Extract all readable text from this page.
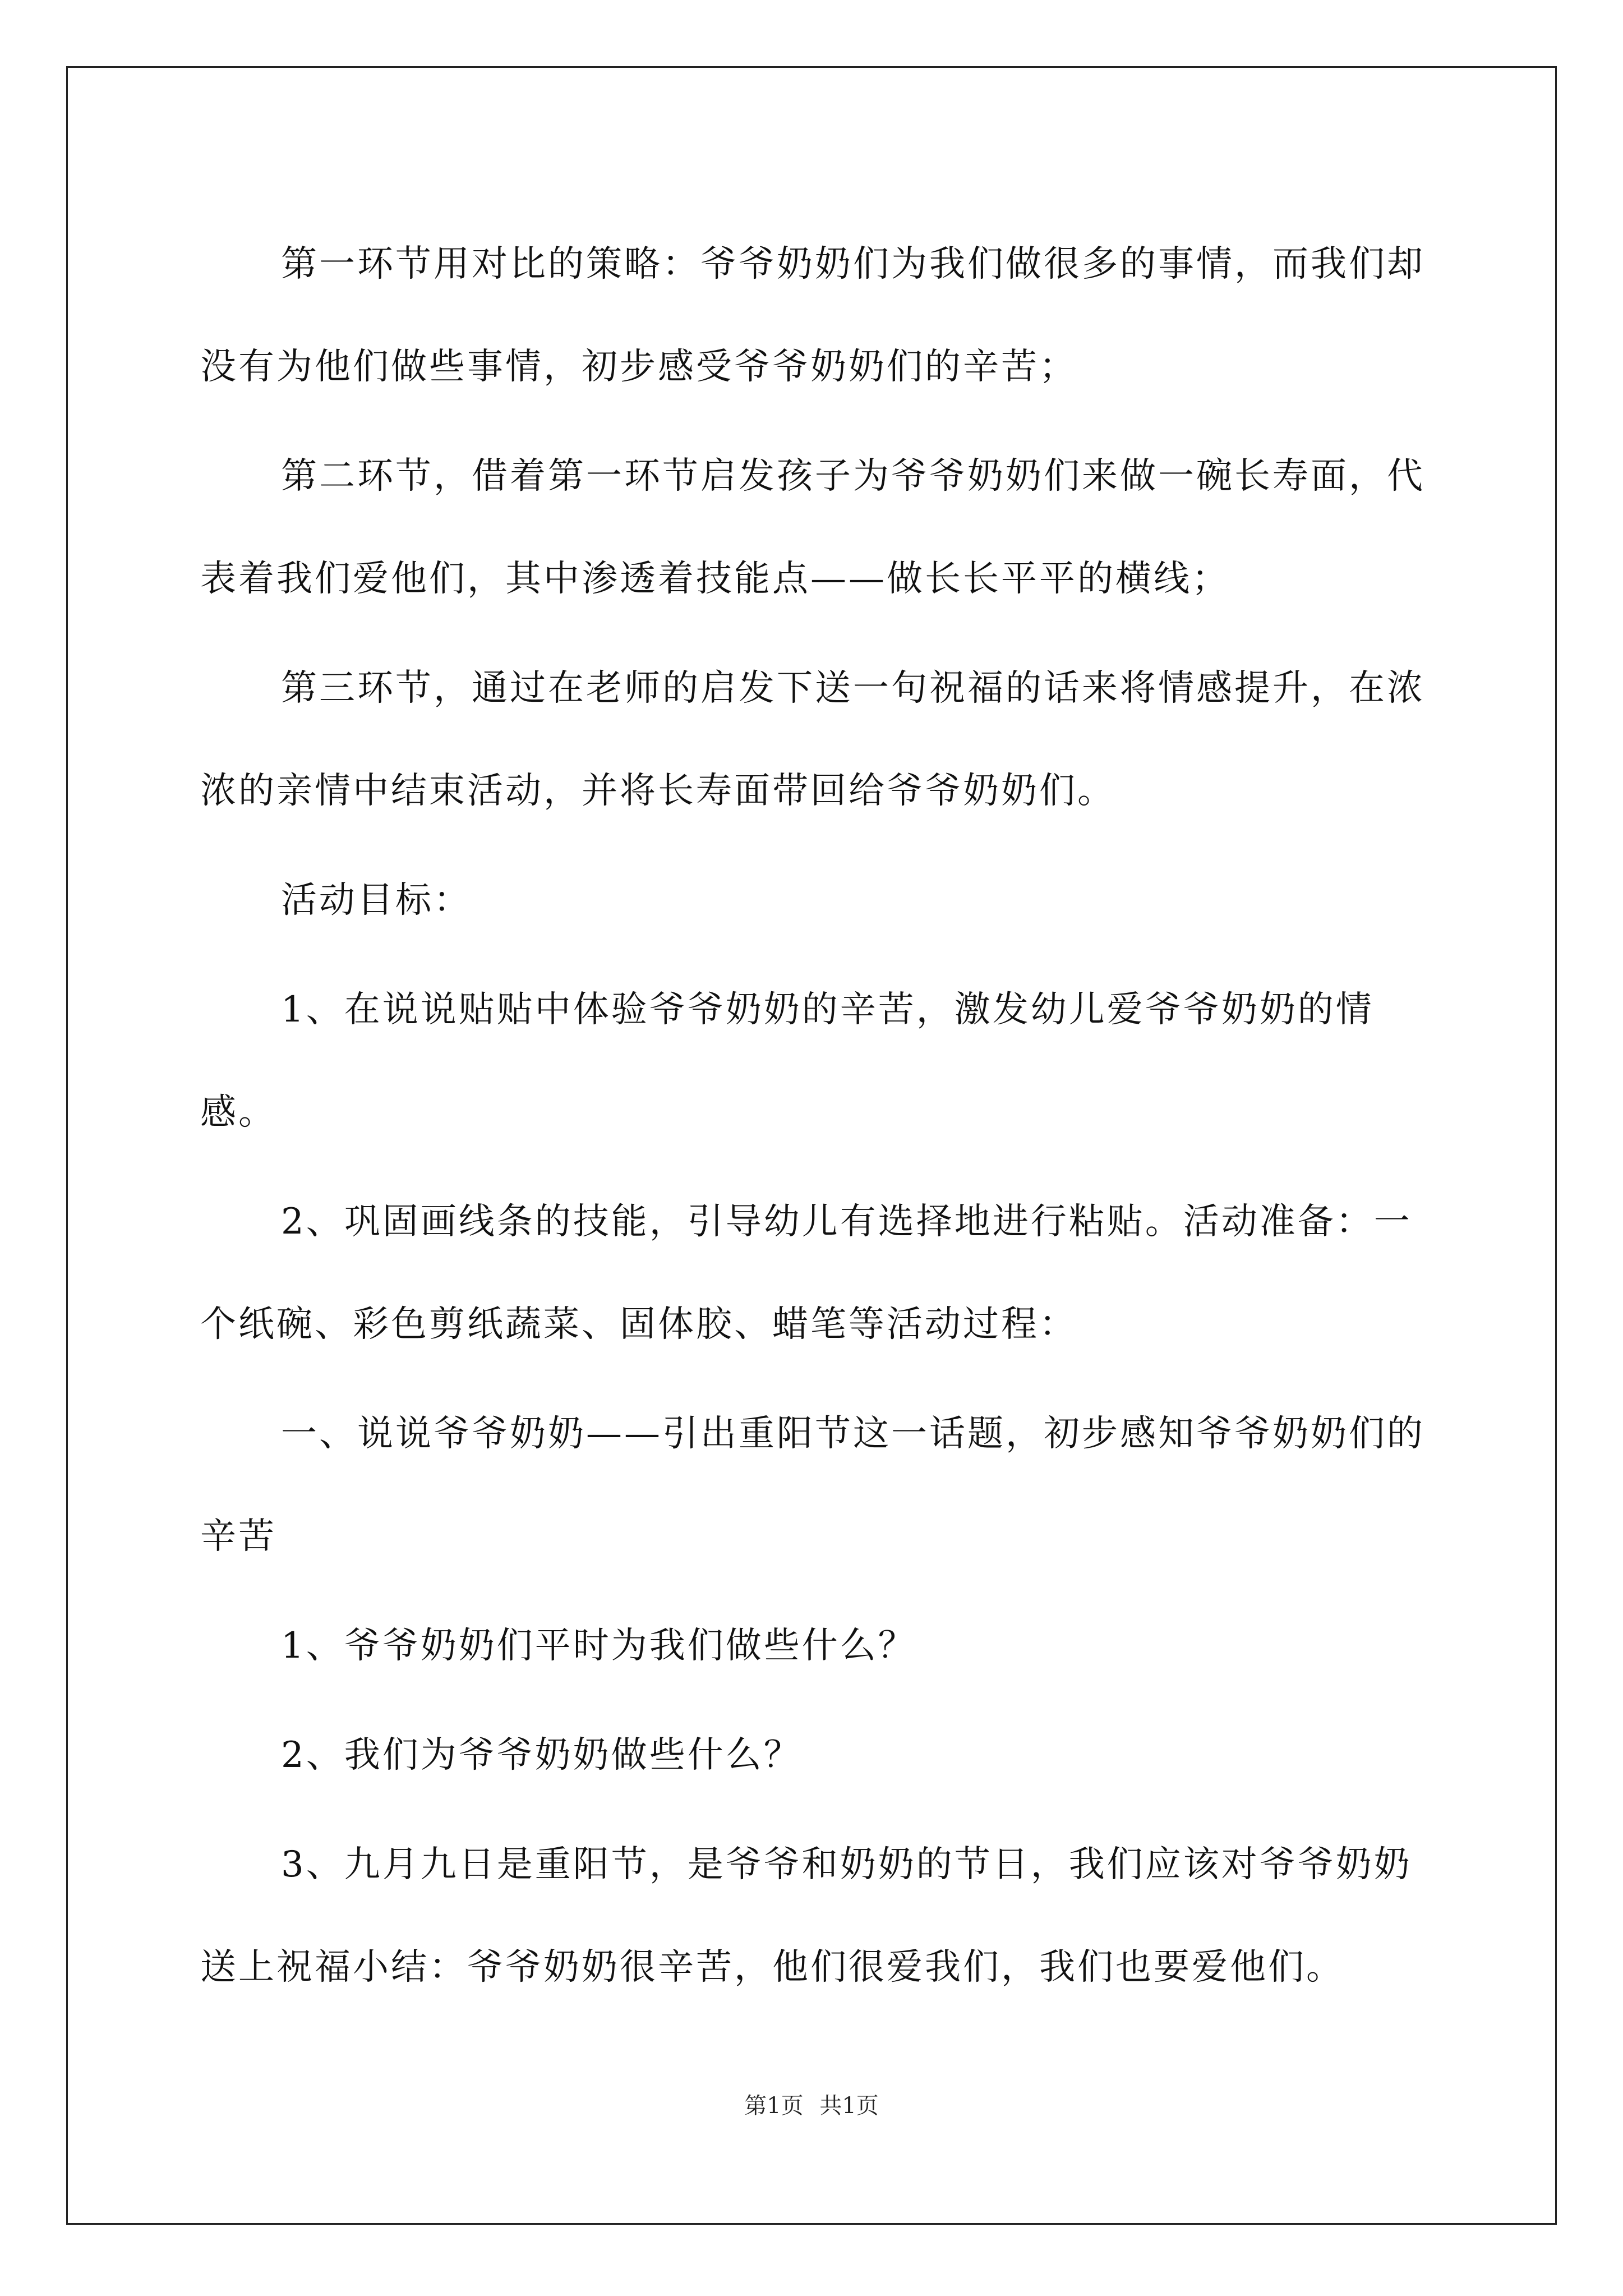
第一环节用对比的策略：爷爷奶奶们为我们做很多的事情，而我们却没有为他们做些事情，初步感受爷爷奶奶们的辛苦；

第二环节，借着第一环节启发孩子为爷爷奶奶们来做一碗长寿面，代表着我们爱他们，其中渗透着技能点——做长长平平的横线；

第三环节，通过在老师的启发下送一句祝福的话来将情感提升，在浓浓的亲情中结束活动，并将长寿面带回给爷爷奶奶们。

活动目标：

1、在说说贴贴中体验爷爷奶奶的辛苦，激发幼儿爱爷爷奶奶的情感。

2、巩固画线条的技能，引导幼儿有选择地进行粘贴。活动准备：一个纸碗、彩色剪纸蔬菜、固体胶、蜡笔等活动过程：

一、说说爷爷奶奶——引出重阳节这一话题，初步感知爷爷奶奶们的辛苦

1、爷爷奶奶们平时为我们做些什么？

2、我们为爷爷奶奶做些什么？

3、九月九日是重阳节，是爷爷和奶奶的节日，我们应该对爷爷奶奶送上祝福小结：爷爷奶奶很辛苦，他们很爱我们，我们也要爱他们。

第1页 共1页
